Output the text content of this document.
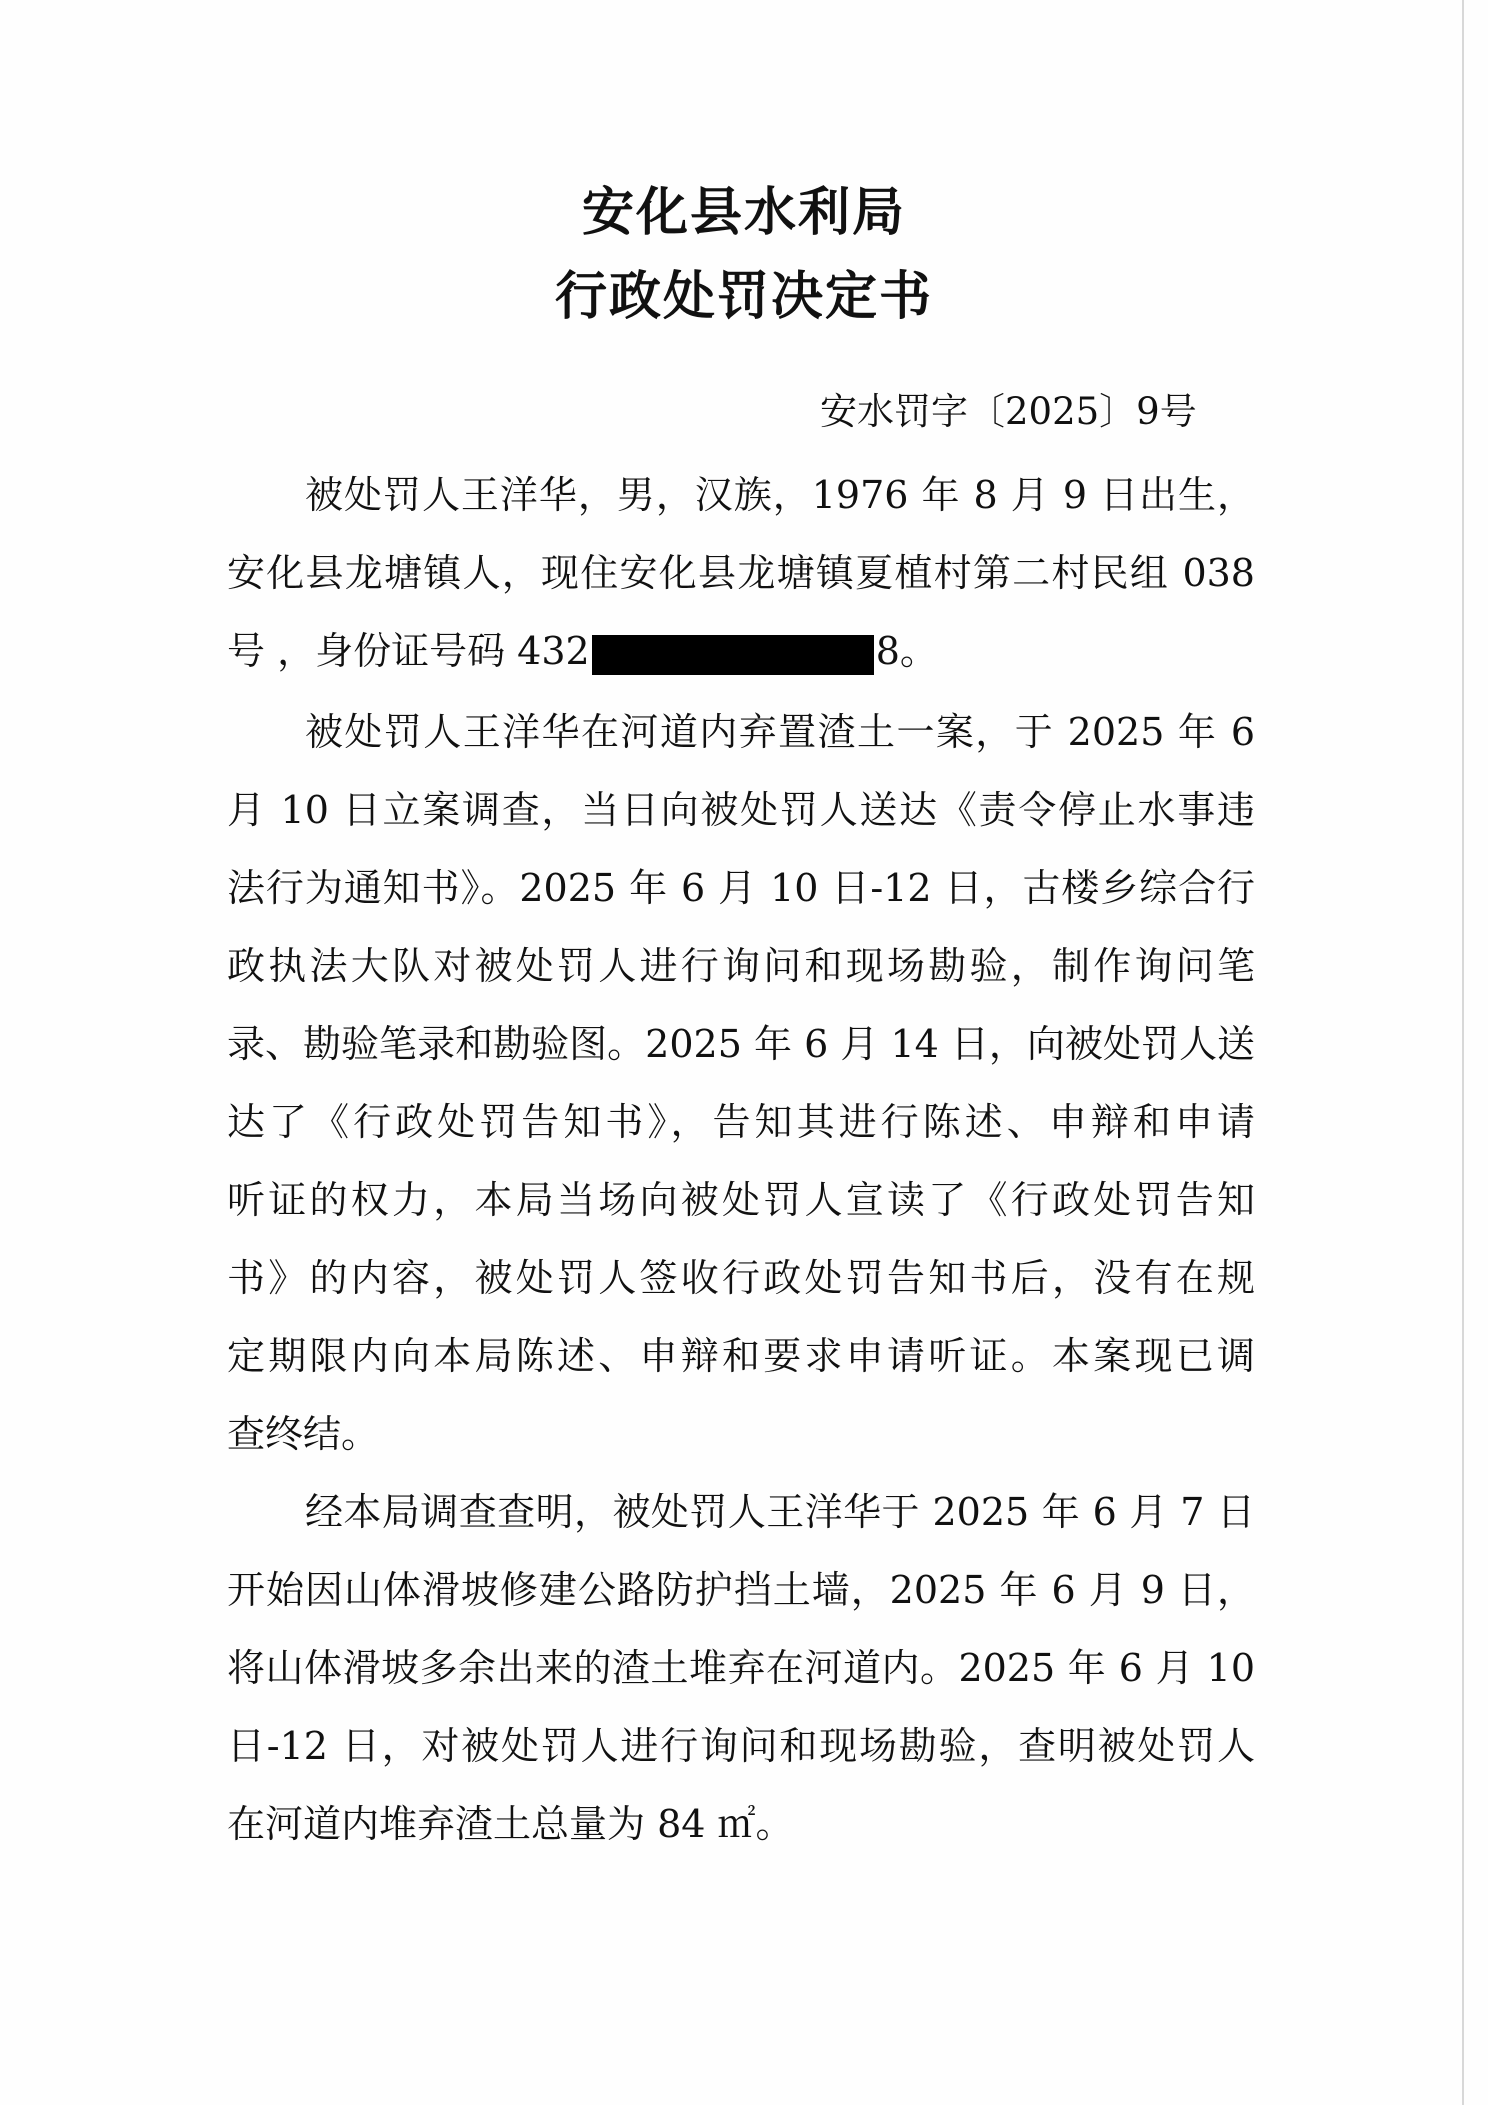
安化县水利局
行政处罚决定书
安水罚字〔2025〕9号
被处罚人王洋华，男，汉族，1976 年 8 月 9 日出生，
安化县龙塘镇人，现住安化县龙塘镇夏植村第二村民组 038
号 ，身份证号码 432	8。
被处罚人王洋华在河道内弃置渣土一案，于 2025 年 6
月 10 日立案调查，当日向被处罚人送达《责令停止水事违
法行为通知书》。2025 年 6 月 10 日-12 日，古楼乡综合行
政执法大队对被处罚人进行询问和现场勘验，制作询问笔
录、勘验笔录和勘验图。2025 年 6 月 14 日，向被处罚人送
达了《行政处罚告知书》，告知其进行陈述、申辩和申请
听证的权力，本局当场向被处罚人宣读了《行政处罚告知
书》的内容，被处罚人签收行政处罚告知书后，没有在规
定期限内向本局陈述、申辩和要求申请听证。本案现已调
查终结。
经本局调查查明，被处罚人王洋华于 2025 年 6 月 7 日
开始因山体滑坡修建公路防护挡土墙，2025 年 6 月 9 日，
将山体滑坡多余出来的渣土堆弃在河道内。2025 年 6 月 10
日-12 日，对被处罚人进行询问和现场勘验，查明被处罚人
在河道内堆弃渣土总量为 84 ㎡。
